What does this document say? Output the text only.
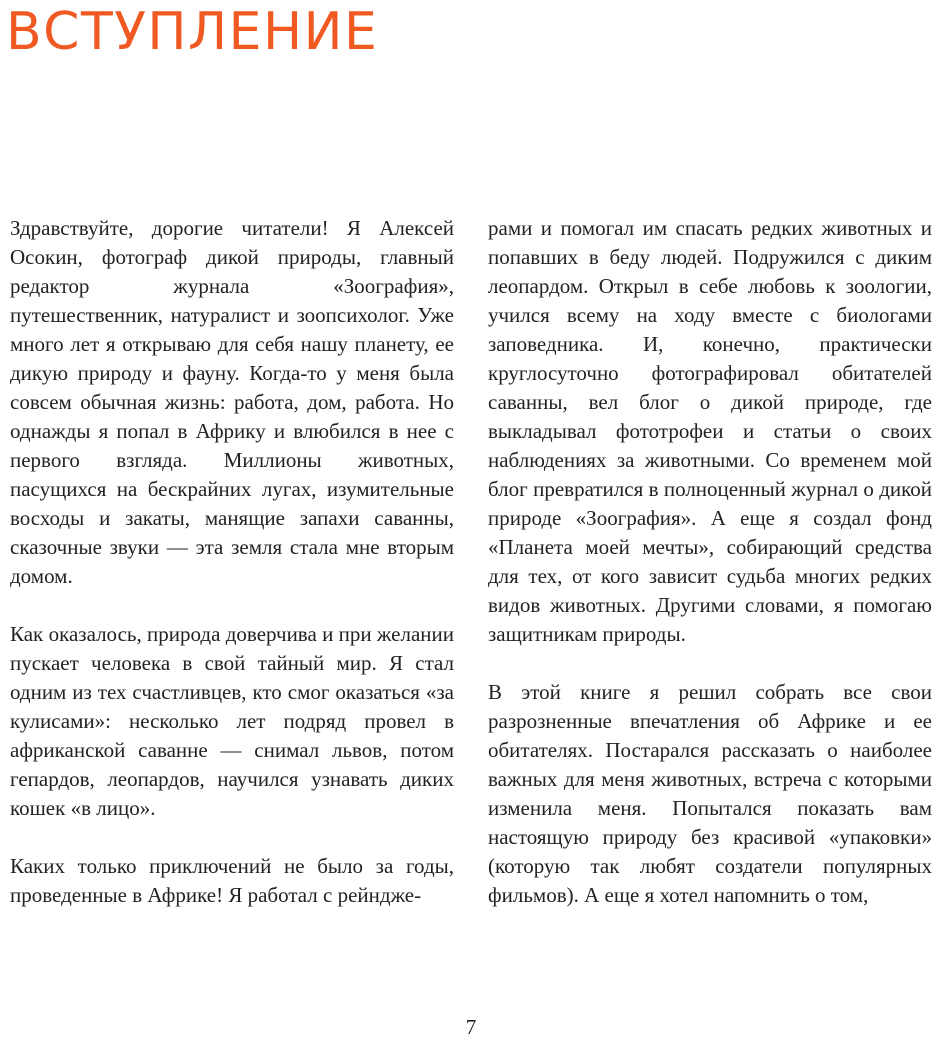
ВСТУПЛЕНИЕ

Здравствуйте, дорогие читатели! Я Алексей Осокин, фотограф дикой природы, главный редактор журнала «Зоография», путешественник, натуралист и зоопсихолог. Уже много лет я открываю для себя нашу планету, ее дикую природу и фауну. Когда-то у меня была совсем обычная жизнь: работа, дом, работа. Но однажды я попал в Африку и влюбился в нее с первого взгляда. Миллионы животных, пасущихся на бескрайних лугах, изумительные восходы и закаты, манящие запахи саванны, сказочные звуки — эта земля стала мне вторым домом.

Как оказалось, природа доверчива и при желании пускает человека в свой тайный мир. Я стал одним из тех счастливцев, кто смог оказаться «за кулисами»: несколько лет подряд провел в африканской саванне — снимал львов, потом гепардов, леопардов, научился узнавать диких кошек «в лицо».

Каких только приключений не было за годы, проведенные в Африке! Я работал с рейндже-

рами и помогал им спасать редких животных и попавших в беду людей. Подружился с диким леопардом. Открыл в себе любовь к зоологии, учился всему на ходу вместе с биологами заповедника. И, конечно, практически круглосуточно фотографировал обитателей саванны, вел блог о дикой природе, где выкладывал фототрофеи и статьи о своих наблюдениях за животными. Со временем мой блог превратился в полноценный журнал о дикой природе «Зоография». А еще я создал фонд «Планета моей мечты», собирающий средства для тех, от кого зависит судьба многих редких видов животных. Другими словами, я помогаю защитникам природы.

В этой книге я решил собрать все свои разрозненные впечатления об Африке и ее обитателях. Постарался рассказать о наиболее важных для меня животных, встреча с которыми изменила меня. Попытался показать вам настоящую природу без красивой «упаковки» (которую так любят создатели популярных фильмов). А еще я хотел напомнить о том,

7
